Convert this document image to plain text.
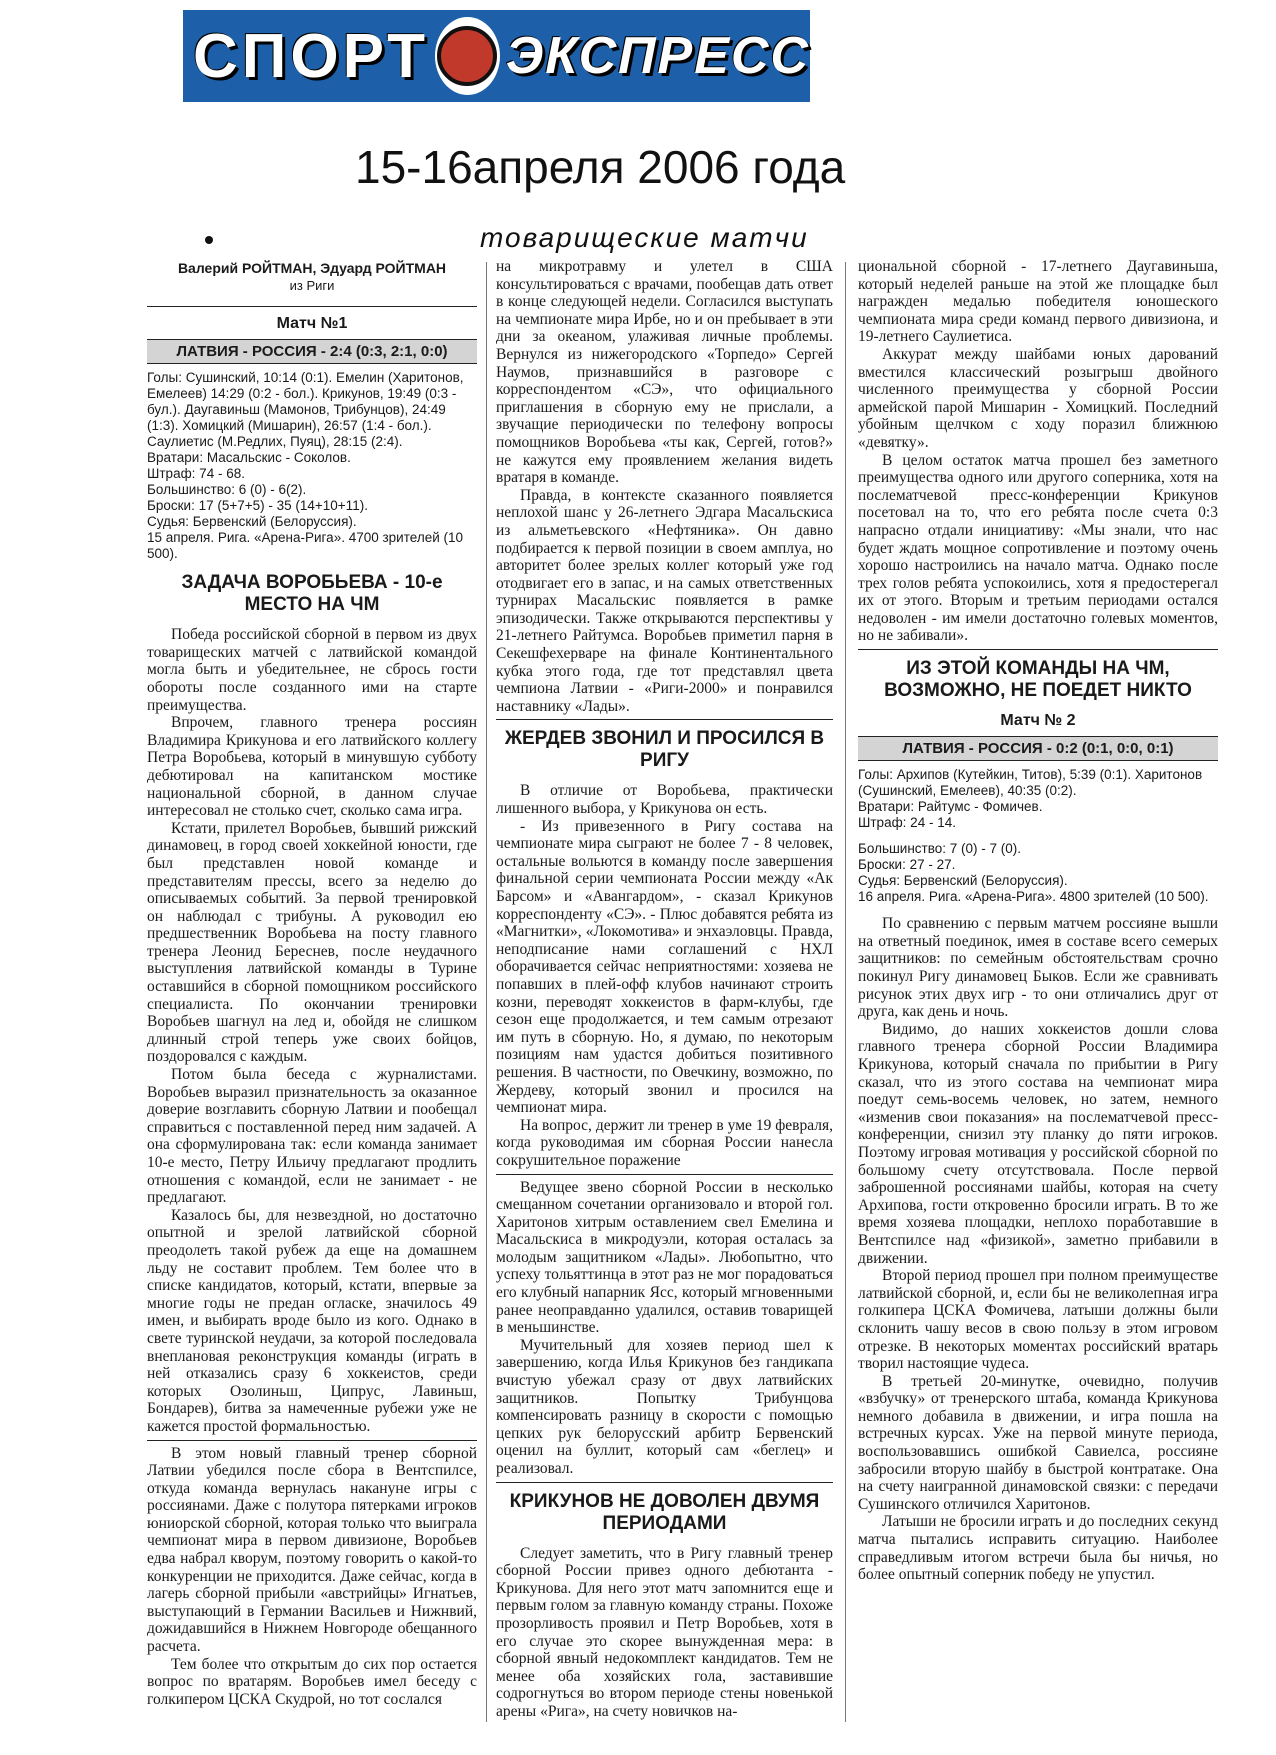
СПОРТ ЭКСПРЕСС
15-16апреля 2006 года
товарищеские матчи
Валерий РОЙТМАН, Эдуард РОЙТМАН
из Риги
Матч №1
ЛАТВИЯ - РОССИЯ - 2:4 (0:3, 2:1, 0:0)
Голы: Сушинский, 10:14 (0:1). Емелин (Харитонов, Емелеев) 14:29 (0:2 - бол.). Крикунов, 19:49 (0:3 - бул.). Даугавиньш (Мамонов, Трибунцов), 24:49 (1:3). Хомицкий (Мишарин), 26:57 (1:4 - бол.). Саулиетис (М.Редлих, Пуяц), 28:15 (2:4).
Вратари: Масальскис - Соколов.
Штраф: 74 - 68.
Большинство: 6 (0) - 6(2).
Броски: 17 (5+7+5) - 35 (14+10+11).
Судья: Бервенский (Белоруссия).
15 апреля. Рига. «Арена-Рига». 4700 зрителей (10 500).
ЗАДАЧА ВОРОБЬЕВА - 10-е МЕСТО НА ЧМ

Победа российской сборной в первом из двух товарищеских матчей с латвийской командой могла быть и убедительнее, не сбрось гости обороты после созданного ими на старте преимущества.

Впрочем, главного тренера россиян Владимира Крикунова и его латвийского коллегу Петра Воробьева, который в минувшую субботу дебютировал на капитанском мостике национальной сборной, в данном случае интересовал не столько счет, сколько сама игра.

Кстати, прилетел Воробьев, бывший рижский динамовец, в город своей хоккейной юности, где был представлен новой команде и представителям прессы, всего за неделю до описываемых событий. За первой тренировкой он наблюдал с трибуны. А руководил ею предшественник Воробьева на посту главного тренера Леонид Береснев, после неудачного выступления латвийской команды в Турине оставшийся в сборной помощником российского специалиста. По окончании тренировки Воробьев шагнул на лед и, обойдя не слишком длинный строй теперь уже своих бойцов, поздоровался с каждым.

Потом была беседа с журналистами. Воробьев выразил признательность за оказанное доверие возглавить сборную Латвии и пообещал справиться с поставленной перед ним задачей. А она сформулирована так: если команда занимает 10-е место, Петру Ильичу предлагают продлить отношения с командой, если не занимает - не предлагают.

Казалось бы, для незвездной, но достаточно опытной и зрелой латвийской сборной преодолеть такой рубеж да еще на домашнем льду не составит проблем. Тем более что в списке кандидатов, который, кстати, впервые за многие годы не предан огласке, значилось 49 имен, и выбирать вроде было из кого. Однако в свете туринской неудачи, за которой последовала внеплановая реконструкция команды (играть в ней отказались сразу 6 хоккеистов, среди которых Озолиньш, Ципрус, Лавиньш, Бондарев), битва за намеченные рубежи уже не кажется простой формальностью.

В этом новый главный тренер сборной Латвии убедился после сбора в Вентспилсе, откуда команда вернулась накануне игры с россиянами. Даже с полутора пятерками игроков юниорской сборной, которая только что выиграла чемпионат мира в первом дивизионе, Воробьев едва набрал кворум, поэтому говорить о какой-то конкуренции не приходится. Даже сейчас, когда в лагерь сборной прибыли «австрийцы» Игнатьев, выступающий в Германии Васильев и Нижнвий, дожидавшийся в Нижнем Новгороде обещанного расчета.

Тем более что открытым до сих пор остается вопрос по вратарям. Воробьев имел беседу с голкипером ЦСКА Скудрой, но тот сослался

на микротравму и улетел в США консультироваться с врачами, пообещав дать ответ в конце следующей недели. Согласился выступать на чемпионате мира Ирбе, но и он пребывает в эти дни за океаном, улаживая личные проблемы. Вернулся из нижегородского «Торпедо» Сергей Наумов, признавшийся в разговоре с корреспондентом «СЭ», что официального приглашения в сборную ему не прислали, а звучащие периодически по телефону вопросы помощников Воробьева «ты как, Сергей, готов?» не кажутся ему проявлением желания видеть вратаря в команде.

Правда, в контексте сказанного появляется неплохой шанс у 26-летнего Эдгара Масальскиса из альметьевского «Нефтяника». Он давно подбирается к первой позиции в своем амплуа, но авторитет более зрелых коллег который уже год отодвигает его в запас, и на самых ответственных турнирах Масальскис появляется в рамке эпизодически. Также открываются перспективы у 21-летнего Райтумса. Воробьев приметил парня в Секешфехерваре на финале Континентального кубка этого года, где тот представлял цвета чемпиона Латвии - «Риги-2000» и понравился наставнику «Лады».

ЖЕРДЕВ ЗВОНИЛ И ПРОСИЛСЯ В РИГУ

В отличие от Воробьева, практически лишенного выбора, у Крикунова он есть.

- Из привезенного в Ригу состава на чемпионате мира сыграют не более 7 - 8 человек, остальные вольются в команду после завершения финальной серии чемпионата России между «Ак Барсом» и «Авангардом», - сказал Крикунов корреспонденту «СЭ». - Плюс добавятся ребята из «Магнитки», «Локомотива» и энхаэловцы. Правда, неподписание нами соглашений с НХЛ оборачивается сейчас неприятностями: хозяева не попавших в плей-офф клубов начинают строить козни, переводят хоккеистов в фарм-клубы, где сезон еще продолжается, и тем самым отрезают им путь в сборную. Но, я думаю, по некоторым позициям нам удастся добиться позитивного решения. В частности, по Овечкину, возможно, по Жердеву, который звонил и просился на чемпионат мира.

На вопрос, держит ли тренер в уме 19 февраля, когда руководимая им сборная России нанесла сокрушительное поражение

Ведущее звено сборной России в несколько смещанном сочетании организовало и второй гол. Харитонов хитрым оставлением свел Емелина и Масальскиса в микродуэли, которая осталась за молодым защитником «Лады». Любопытно, что успеху тольяттинца в этот раз не мог порадоваться его клубный напарник Ясс, который мгновенными ранее неоправданно удалился, оставив товарищей в меньшинстве.

Мучительный для хозяев период шел к завершению, когда Илья Крикунов без гандикапа вчистую убежал сразу от двух латвийских защитников. Попытку Трибунцова компенсировать разницу в скорости с помощью цепких рук белорусский арбитр Бервенский оценил на буллит, который сам «беглец» и реализовал.

КРИКУНОВ НЕ ДОВОЛЕН ДВУМЯ ПЕРИОДАМИ

Следует заметить, что в Ригу главный тренер сборной России привез одного дебютанта - Крикунова. Для него этот матч запомнится еще и первым голом за главную команду страны. Похоже прозорливость проявил и Петр Воробьев, хотя в его случае это скорее вынужденная мера: в сборной явный недокомплект кандидатов. Тем не менее оба хозяйских гола, заставившие содрогнуться во втором периоде стены новенькой арены «Рига», на счету новичков на-

циональной сборной - 17-летнего Даугавиньша, который неделей раньше на этой же площадке был награжден медалью победителя юношеского чемпионата мира среди команд первого дивизиона, и 19-летнего Саулиетиса.

Аккурат между шайбами юных дарований вместился классический розыгрыш двойного численного преимущества у сборной России армейской парой Мишарин - Хомицкий. Последний убойным щелчком с ходу поразил ближнюю «девятку».

В целом остаток матча прошел без заметного преимущества одного или другого соперника, хотя на послематчевой пресс-конференции Крикунов посетовал на то, что его ребята после счета 0:3 напрасно отдали инициативу: «Мы знали, что нас будет ждать мощное сопротивление и поэтому очень хорошо настроились на начало матча. Однако после трех голов ребята успокоились, хотя я предостерегал их от этого. Вторым и третьим периодами остался недоволен - им имели достаточно голевых моментов, но не забивали».

ИЗ ЭТОЙ КОМАНДЫ НА ЧМ, ВОЗМОЖНО, НЕ ПОЕДЕТ НИКТО
Матч № 2
ЛАТВИЯ - РОССИЯ - 0:2 (0:1, 0:0, 0:1)
Голы: Архипов (Кутейкин, Титов), 5:39 (0:1). Харитонов (Сушинский, Емелеев), 40:35 (0:2).
Вратари: Райтумс - Фомичев.
Штраф: 24 - 14.
Большинство: 7 (0) - 7 (0).
Броски: 27 - 27.
Судья: Бервенский (Белоруссия).
16 апреля. Рига. «Арена-Рига». 4800 зрителей (10 500).

По сравнению с первым матчем россияне вышли на ответный поединок, имея в составе всего семерых защитников: по семейным обстоятельствам срочно покинул Ригу динамовец Быков. Если же сравнивать рисунок этих двух игр - то они отличались друг от друга, как день и ночь.

Видимо, до наших хоккеистов дошли слова главного тренера сборной России Владимира Крикунова, который сначала по прибытии в Ригу сказал, что из этого состава на чемпионат мира поедут семь-восемь человек, но затем, немного «изменив свои показания» на послематчевой пресс-конференции, снизил эту планку до пяти игроков. Поэтому игровая мотивация у российской сборной по большому счету отсутствовала. После первой заброшенной россиянами шайбы, которая на счету Архипова, гости откровенно бросили играть. В то же время хозяева площадки, неплохо поработавшие в Вентспилсе над «физикой», заметно прибавили в движении.

Второй период прошел при полном преимуществе латвийской сборной, и, если бы не великолепная игра голкипера ЦСКА Фомичева, латыши должны были склонить чашу весов в свою пользу в этом игровом отрезке. В некоторых моментах российский вратарь творил настоящие чудеса.

В третьей 20-минутке, очевидно, получив «взбучку» от тренерского штаба, команда Крикунова немного добавила в движении, и игра пошла на встречных курсах. Уже на первой минуте периода, воспользовавшись ошибкой Савиелса, россияне забросили вторую шайбу в быстрой контратаке. Она на счету наигранной динамовской связки: с передачи Сушинского отличился Харитонов.

Латыши не бросили играть и до последних секунд матча пытались исправить ситуацию. Наиболее справедливым итогом встречи была бы ничья, но более опытный соперник победу не упустил.
